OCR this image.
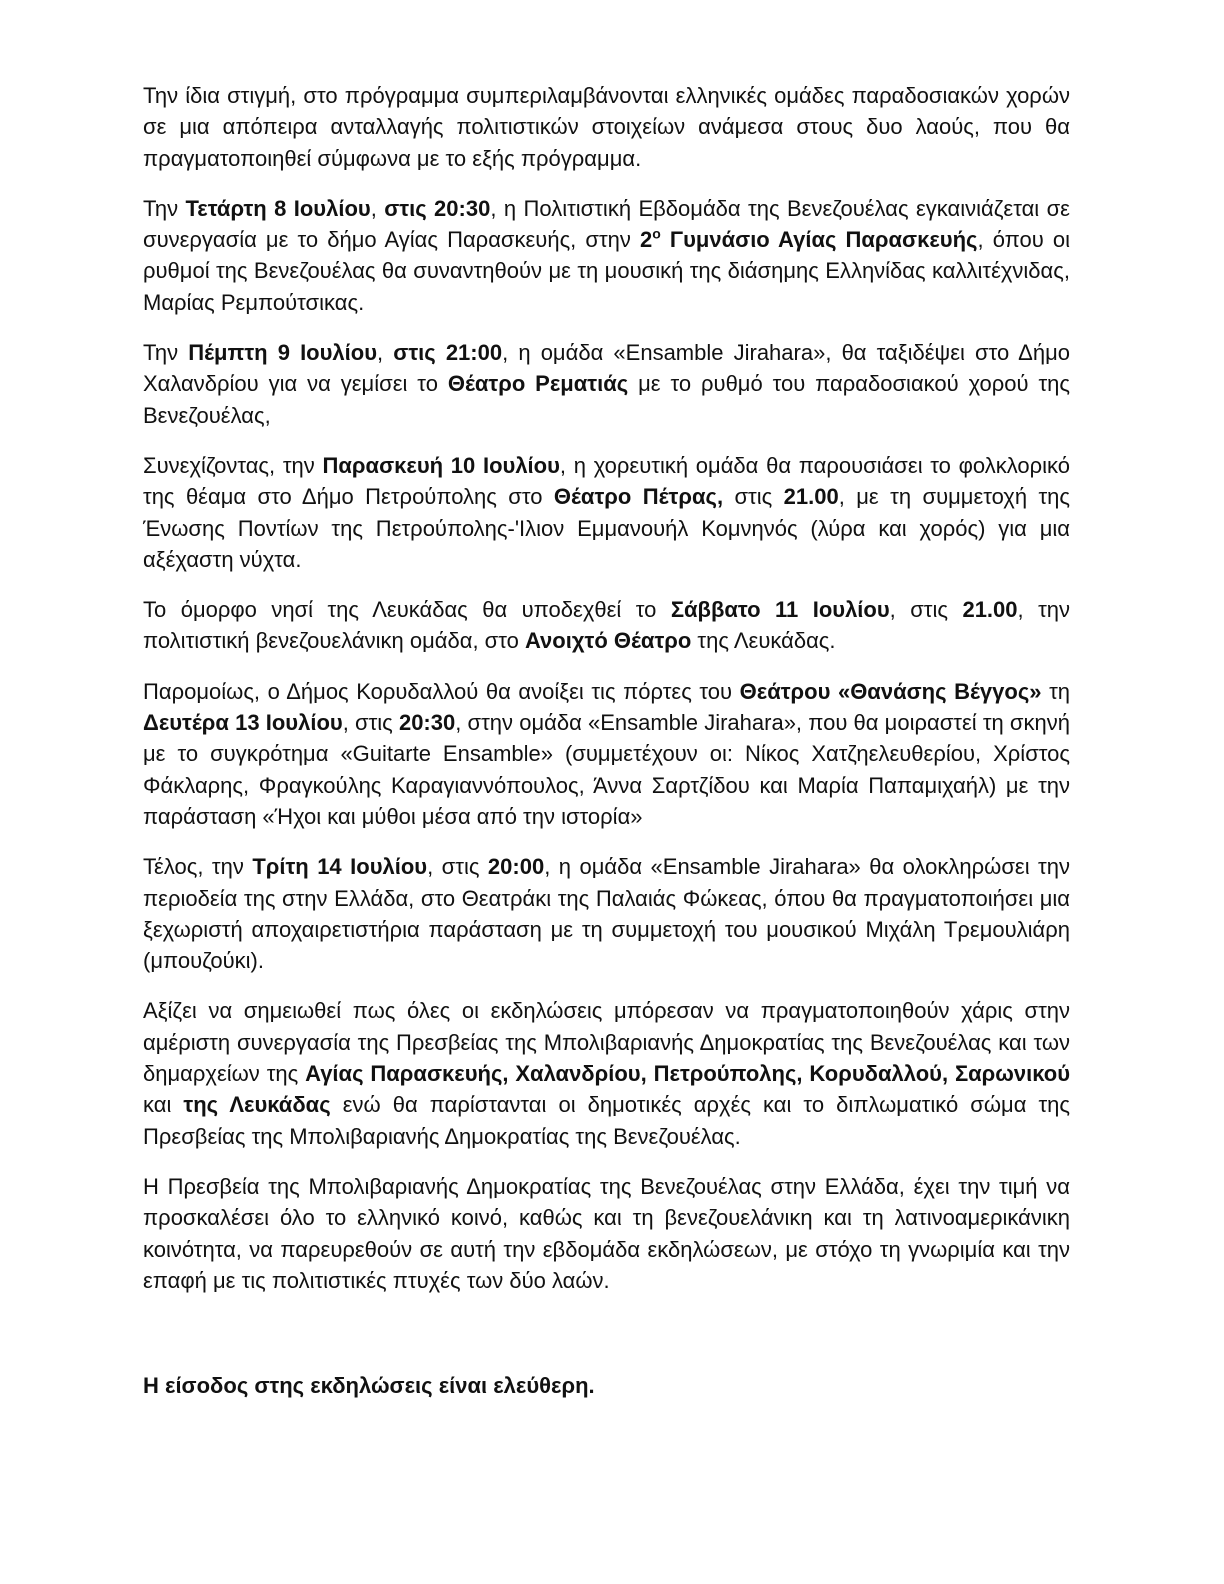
Την ίδια στιγμή, στο πρόγραμμα συμπεριλαμβάνονται ελληνικές ομάδες παραδοσιακών χορών σε μια απόπειρα ανταλλαγής πολιτιστικών στοιχείων ανάμεσα στους δυο λαούς, που θα πραγματοποιηθεί σύμφωνα με το εξής πρόγραμμα.

Την Τετάρτη 8 Ιουλίου, στις 20:30, η Πολιτιστική Εβδομάδα της Βενεζουέλας εγκαινιάζεται σε συνεργασία με το δήμο Αγίας Παρασκευής, στην $2^o$ Γυμνάσιο Αγίας Παρασκευής, όπου οι ρυθμοί της Βενεζουέλας θα συναντηθούν με τη μουσική της διάσημης Ελληνίδας καλλιτέχνιδας, Μαρίας Ρεμπούτσικας.

Την Πέμπτη 9 Ιουλίου, στις 21:00, η ομάδα «Ensamble Jirahara», θα ταξιδέψει στο Δήμο Χαλανδρίου για να γεμίσει το Θέατρο Ρεματιάς με το ρυθμό του παραδοσιακού χορού της Βενεζουέλας,

Συνεχίζοντας, την Παρασκευή 10 Ιουλίου, η χορευτική ομάδα θα παρουσιάσει το φολκλορικό της θέαμα στο Δήμο Πετρούπολης στο Θέατρο Πέτρας, στις 21.00, με τη συμμετοχή της Ένωσης Ποντίων της Πετρούπολης-'Ιλιον Εμμανουήλ Κομνηνός (λύρα και χορός) για μια αξέχαστη νύχτα.

Το όμορφο νησί της Λευκάδας θα υποδεχθεί το Σάββατο 11 Ιουλίου, στις 21.00, την πολιτιστική βενεζουελάνικη ομάδα, στο Ανοιχτό Θέατρο της Λευκάδας.

Παρομοίως, ο Δήμος Κορυδαλλού θα ανοίξει τις πόρτες του Θεάτρου «Θανάσης Βέγγος» τη Δευτέρα 13 Ιουλίου, στις 20:30, στην ομάδα «Ensamble Jirahara», που θα μοιραστεί τη σκηνή με το συγκρότημα «Guitarte Ensamble» (συμμετέχουν οι: Νίκος Χατζηελευθερίου, Χρίστος Φάκλαρης, Φραγκούλης Καραγιαννόπουλος, Άννα Σαρτζίδου και Μαρία Παπαμιχαήλ) με την παράσταση «Ήχοι και μύθοι μέσα από την ιστορία»

Τέλος, την Τρίτη 14 Ιουλίου, στις 20:00, η ομάδα «Ensamble Jirahara» θα ολοκληρώσει την περιοδεία της στην Ελλάδα, στο Θεατράκι της Παλαιάς Φώκεας, όπου θα πραγματοποιήσει μια ξεχωριστή αποχαιρετιστήρια παράσταση με τη συμμετοχή του μουσικού Μιχάλη Τρεμουλιάρη (μπουζούκι).

Αξίζει να σημειωθεί πως όλες οι εκδηλώσεις μπόρεσαν να πραγματοποιηθούν χάρις στην αμέριστη συνεργασία της Πρεσβείας της Μπολιβαριανής Δημοκρατίας της Βενεζουέλας και των δημαρχείων της Αγίας Παρασκευής, Χαλανδρίου, Πετρούπολης, Κορυδαλλού, Σαρωνικού και της Λευκάδας ενώ θα παρίστανται οι δημοτικές αρχές και το διπλωματικό σώμα της Πρεσβείας της Μπολιβαριανής Δημοκρατίας της Βενεζουέλας.

Η Πρεσβεία της Μπολιβαριανής Δημοκρατίας της Βενεζουέλας στην Ελλάδα, έχει την τιμή να προσκαλέσει όλο το ελληνικό κοινό, καθώς και τη βενεζουελάνικη και τη λατινοαμερικάνικη κοινότητα, να παρευρεθούν σε αυτή την εβδομάδα εκδηλώσεων, με στόχο τη γνωριμία και την επαφή με τις πολιτιστικές πτυχές των δύο λαών.

Η είσοδος στης εκδηλώσεις είναι ελεύθερη.
